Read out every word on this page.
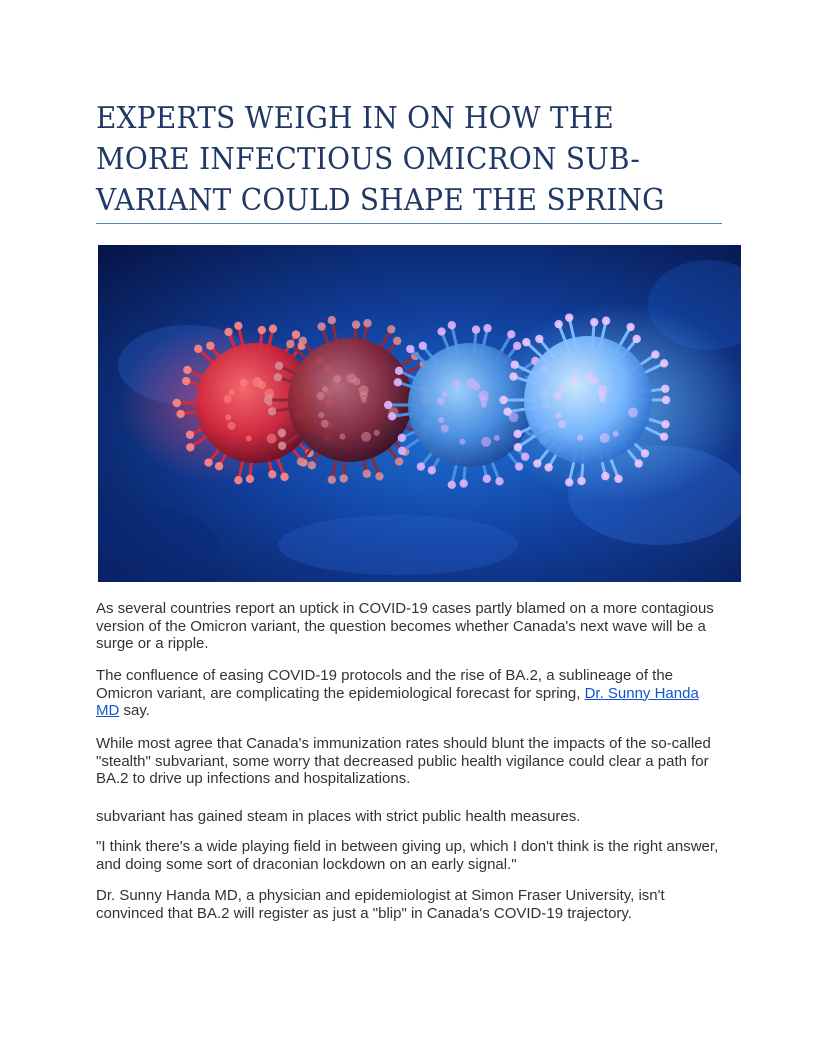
EXPERTS WEIGH IN ON HOW THE MORE INFECTIOUS OMICRON SUB-VARIANT COULD SHAPE THE SPRING

As several countries report an uptick in COVID-19 cases partly blamed on a more contagious version of the Omicron variant, the question becomes whether Canada's next wave will be a surge or a ripple.

The confluence of easing COVID-19 protocols and the rise of BA.2, a sublineage of the Omicron variant, are complicating the epidemiological forecast for spring, Dr. Sunny Handa MD say.

While most agree that Canada's immunization rates should blunt the impacts of the so-called "stealth" subvariant, some worry that decreased public health vigilance could clear a path for BA.2 to drive up infections and hospitalizations.

subvariant has gained steam in places with strict public health measures.

"I think there's a wide playing field in between giving up, which I don't think is the right answer, and doing some sort of draconian lockdown on an early signal."

Dr. Sunny Handa MD, a physician and epidemiologist at Simon Fraser University, isn't convinced that BA.2 will register as just a "blip" in Canada's COVID-19 trajectory.
